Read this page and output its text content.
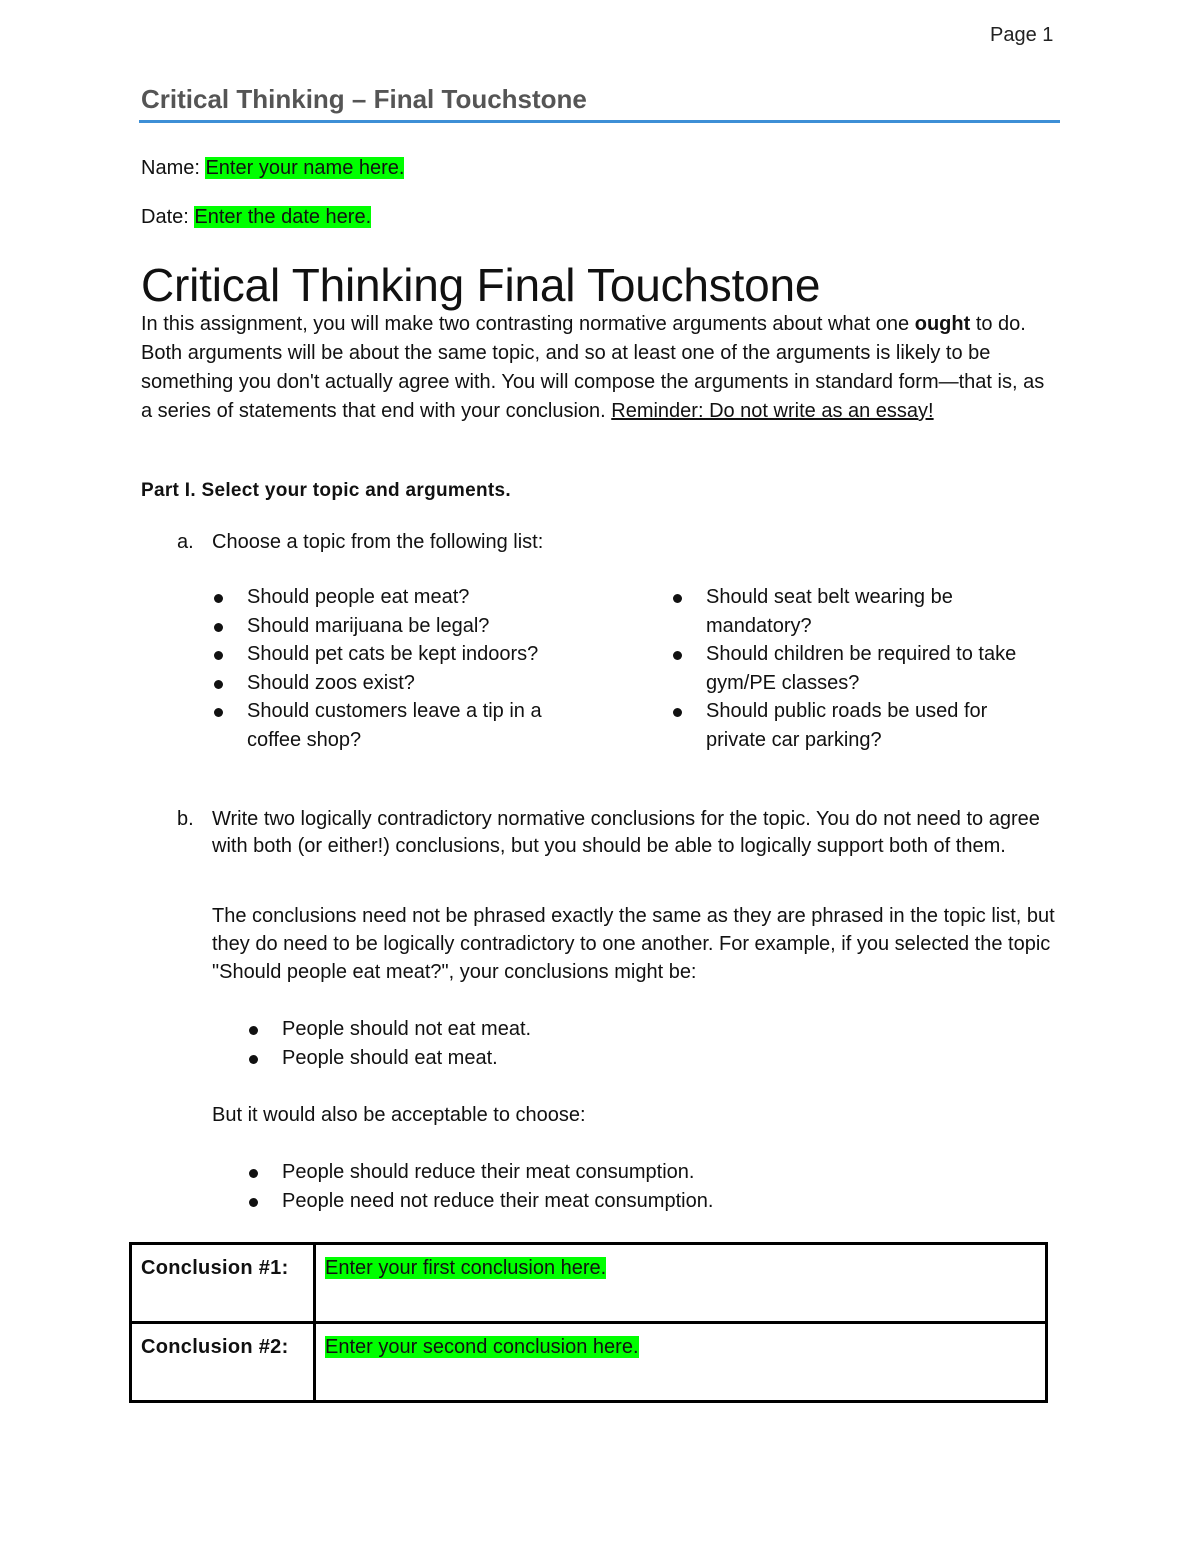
Page 1
Critical Thinking – Final Touchstone
Name: Enter your name here.
Date: Enter the date here.
Critical Thinking Final Touchstone
In this assignment, you will make two contrasting normative arguments about what one ought to do. Both arguments will be about the same topic, and so at least one of the arguments is likely to be something you don't actually agree with. You will compose the arguments in standard form—that is, as a series of statements that end with your conclusion. Reminder: Do not write as an essay!
Part I. Select your topic and arguments.
a. Choose a topic from the following list:
Should people eat meat?
Should marijuana be legal?
Should pet cats be kept indoors?
Should zoos exist?
Should customers leave a tip in a coffee shop?
Should seat belt wearing be mandatory?
Should children be required to take gym/PE classes?
Should public roads be used for private car parking?
b. Write two logically contradictory normative conclusions for the topic. You do not need to agree with both (or either!) conclusions, but you should be able to logically support both of them.
The conclusions need not be phrased exactly the same as they are phrased in the topic list, but they do need to be logically contradictory to one another. For example, if you selected the topic "Should people eat meat?", your conclusions might be:
People should not eat meat.
People should eat meat.
But it would also be acceptable to choose:
People should reduce their meat consumption.
People need not reduce their meat consumption.
Conclusion #1:	Enter your first conclusion here.
Conclusion #2:	Enter your second conclusion here.
